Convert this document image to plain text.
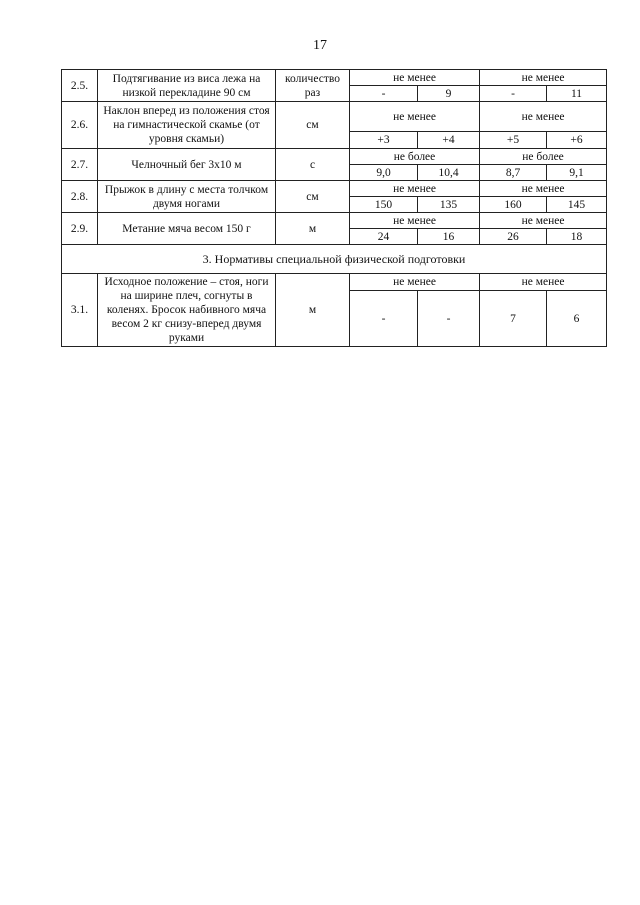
17
2.5.	Подтягивание из виса лежа на низкой перекладине 90 см	количество раз	не менее		не менее	
			-	9	-	11
2.6.	Наклон вперед из положения стоя на гимнастической скамье (от уровня скамьи)	см	не менее		не менее	
			+3	+4	+5	+6
2.7.	Челночный бег 3х10 м	с	не более		не более	
			9,0	10,4	8,7	9,1
2.8.	Прыжок в длину с места толчком двумя ногами	см	не менее		не менее	
			150	135	160	145
2.9.	Метание мяча весом 150 г	м	не менее		не менее	
			24	16	26	18
3. Нормативы специальной физической подготовки						
3.1.	Исходное положение – стоя, ноги на ширине плеч, согнуты в коленях. Бросок набивного мяча весом 2 кг снизу-вперед двумя руками	м	не менее		не менее	
			-	-	7	6
